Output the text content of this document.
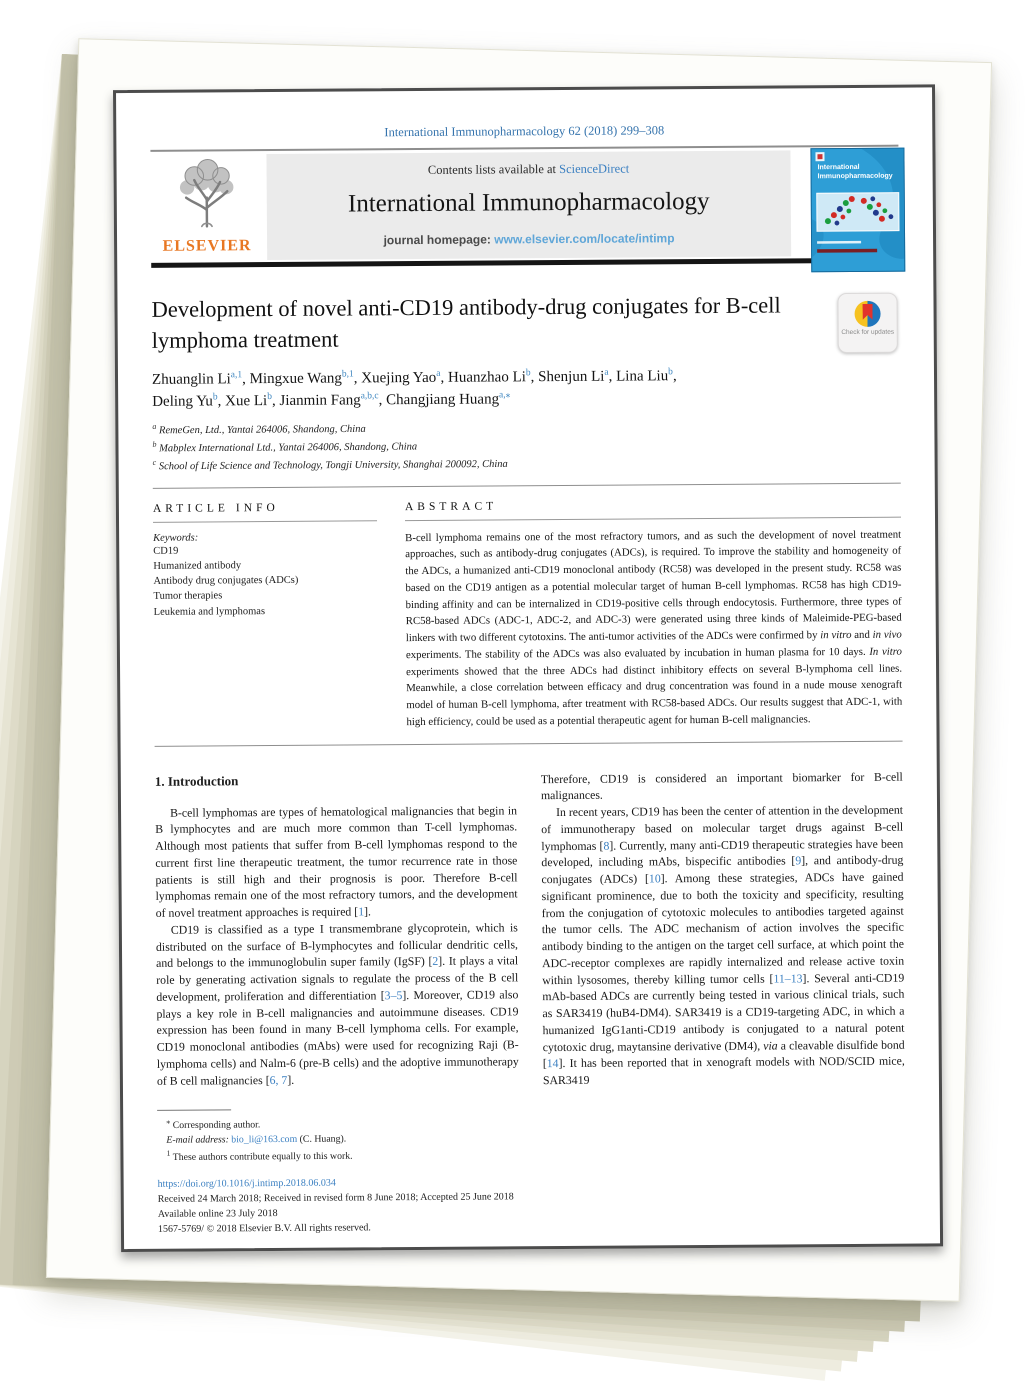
International Immunopharmacology 62 (2018) 299–308
ELSEVIER
Contents lists available at ScienceDirect
International Immunopharmacology
journal homepage: www.elsevier.com/locate/intimp
International Immunopharmacology
Development of novel anti-CD19 antibody-drug conjugates for B-cell lymphoma treatment	Check for updates
Zhuanglin Li$^{a,1}$, Mingxue Wang$^{b,1}$, Xuejing Yao$^a$, Huanzhao Li$^b$, Shenjun Li$^a$, Lina Liu$^b$,
Deling Yu$^b$, Xue Li$^b$, Jianmin Fang$^{a,b,c}$, Changjiang Huang$^{a,⁎}$
$^a$ RemeGen, Ltd., Yantai 264006, Shandong, China
$^b$ Mabplex International Ltd., Yantai 264006, Shandong, China
$^c$ School of Life Science and Technology, Tongji University, Shanghai 200092, China
ARTICLE INFO
Keywords:
CD19
Humanized antibody
Antibody drug conjugates (ADCs)
Tumor therapies
Leukemia and lymphomas
ABSTRACT
B-cell lymphoma remains one of the most refractory tumors, and as such the development of novel treatment approaches, such as antibody-drug conjugates (ADCs), is required. To improve the stability and homogeneity of the ADCs, a humanized anti-CD19 monoclonal antibody (RC58) was developed in the present study. RC58 was based on the CD19 antigen as a potential molecular target of human B-cell lymphomas. RC58 has high CD19-binding affinity and can be internalized in CD19-positive cells through endocytosis. Furthermore, three types of RC58-based ADCs (ADC-1, ADC-2, and ADC-3) were generated using three kinds of Maleimide-PEG-based linkers with two different cytotoxins. The anti-tumor activities of the ADCs were confirmed by in vitro and in vivo experiments. The stability of the ADCs was also evaluated by incubation in human plasma for 10 days. In vitro experiments showed that the three ADCs had distinct inhibitory effects on several B-lymphoma cell lines. Meanwhile, a close correlation between efficacy and drug concentration was found in a nude mouse xenograft model of human B-cell lymphoma, after treatment with RC58-based ADCs. Our results suggest that ADC-1, with high efficiency, could be used as a potential therapeutic agent for human B-cell malignancies.
1. Introduction

B-cell lymphomas are types of hematological malignancies that begin in B lymphocytes and are much more common than T-cell lymphomas. Although most patients that suffer from B-cell lymphomas respond to the current first line therapeutic treatment, the tumor recurrence rate in those patients is still high and their prognosis is poor. Therefore B-cell lymphomas remain one of the most refractory tumors, and the development of novel treatment approaches is required [1].

CD19 is classified as a type I transmembrane glycoprotein, which is distributed on the surface of B-lymphocytes and follicular dendritic cells, and belongs to the immunoglobulin super family (IgSF) [2]. It plays a vital role by generating activation signals to regulate the process of the B cell development, proliferation and differentiation [3–5]. Moreover, CD19 also plays a key role in B-cell malignancies and autoimmune diseases. CD19 expression has been found in many B-cell lymphoma cells. For example, CD19 monoclonal antibodies (mAbs) were used for recognizing Raji (B-lymphoma cells) and Nalm-6 (pre-B cells) and the adoptive immunotherapy of B cell malignancies [6, 7].

Therefore, CD19 is considered an important biomarker for B-cell malignances.

In recent years, CD19 has been the center of attention in the development of immunotherapy based on molecular target drugs against B-cell lymphomas [8]. Currently, many anti-CD19 therapeutic strategies have been developed, including mAbs, bispecific antibodies [9], and antibody-drug conjugates (ADCs) [10]. Among these strategies, ADCs have gained significant prominence, due to both the toxicity and specificity, resulting from the conjugation of cytotoxic molecules to antibodies targeted against the tumor cells. The ADC mechanism of action involves the specific antibody binding to the antigen on the target cell surface, at which point the ADC-receptor complexes are rapidly internalized and release active toxin within lysosomes, thereby killing tumor cells [11–13]. Several anti-CD19 mAb-based ADCs are currently being tested in various clinical trials, such as SAR3419 (huB4-DM4). SAR3419 is a CD19-targeting ADC, in which a humanized IgG1anti-CD19 antibody is conjugated to a natural potent cytotoxic drug, maytansine derivative (DM4), via a cleavable disulfide bond [14]. It has been reported that in xenograft models with NOD/SCID mice, SAR3419

⁎ Corresponding author.
E-mail address: bio_li@163.com (C. Huang).
$^1$ These authors contribute equally to this work.
https://doi.org/10.1016/j.intimp.2018.06.034
Received 24 March 2018; Received in revised form 8 June 2018; Accepted 25 June 2018
Available online 23 July 2018
1567-5769/ © 2018 Elsevier B.V. All rights reserved.
